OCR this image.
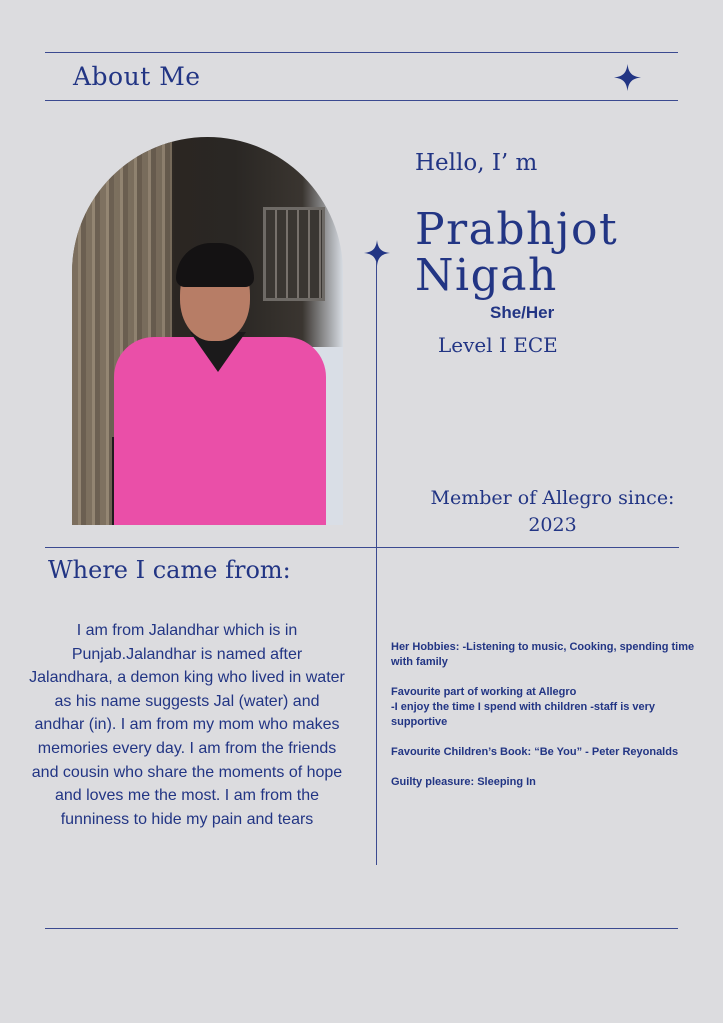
About Me
Hello, I’ m
Prabhjot
Nigah
She/Her
Level I ECE
Member of Allegro since:
2023
Where I came from:
I am from Jalandhar which is in Punjab.Jalandhar is named after Jalandhara, a demon king who lived in water as his name suggests Jal (water) and andhar (in). I am from my mom who makes memories every day. I am from the friends and cousin who share the moments of hope and loves me the most. I am from the funniness to hide my pain and tears

Her Hobbies: -Listening to music, Cooking, spending time with family

Favourite part of working at Allegro
-I enjoy the time I spend with children -staff is very supportive

Favourite Children’s Book: “Be You” - Peter Reyonalds

Guilty pleasure: Sleeping In
